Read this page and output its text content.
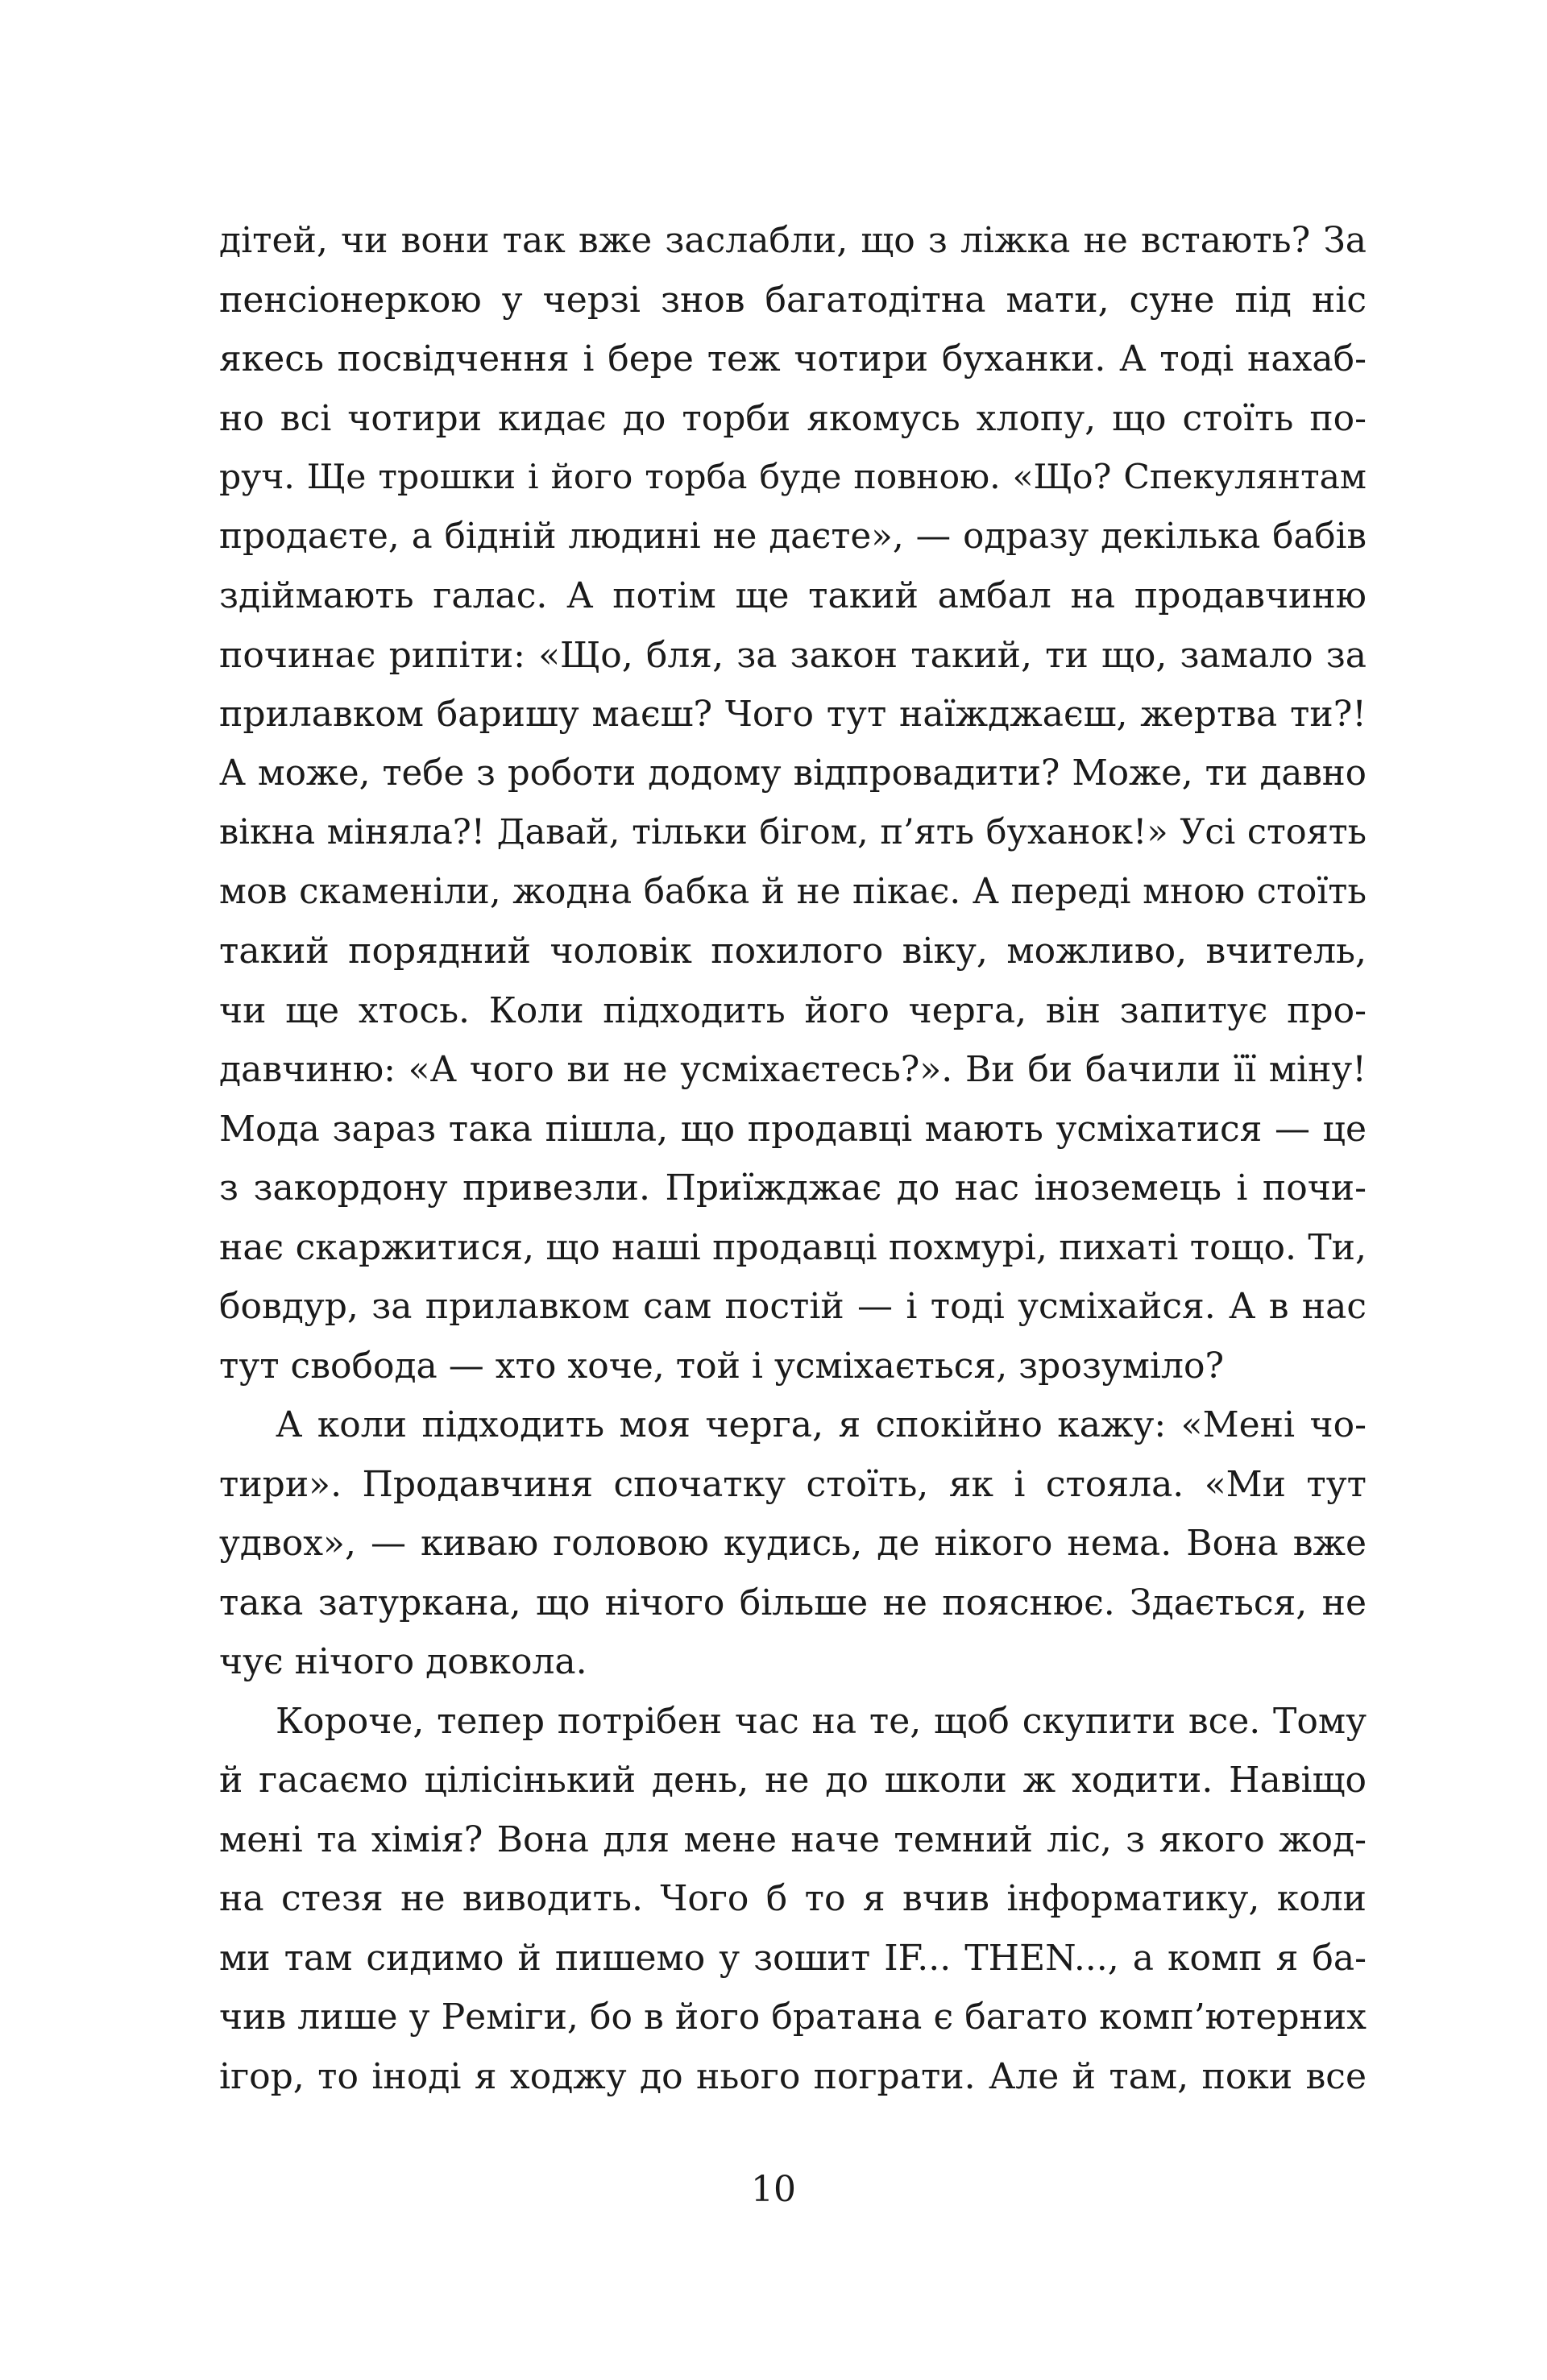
дітей, чи вони так вже заслабли, що з ліжка не встають? За
пенсіонеркою у черзі знов багатодітна мати, суне під ніс
якесь посвідчення і бере теж чотири буханки. А тоді нахаб-
но всі чотири кидає до торби якомусь хлопу, що стоїть по-
руч. Ще трошки і його торба буде повною. «Що? Спекулянтам
продаєте, а бідній людині не даєте», — одразу декілька бабів
здіймають галас. А потім ще такий амбал на продавчиню
починає рипіти: «Що, бля, за закон такий, ти що, замало за
прилавком баришу маєш? Чого тут наїжджаєш, жертва ти?!
А може, тебе з роботи додому відпровадити? Може, ти давно
вікна міняла?! Давай, тільки бігом, п’ять буханок!» Усі стоять
мов скаменіли, жодна бабка й не пікає. А переді мною стоїть
такий порядний чоловік похилого віку, можливо, вчитель,
чи ще хтось. Коли підходить його черга, він запитує про-
давчиню: «А чого ви не усміхаєтесь?». Ви би бачили її міну!
Мода зараз така пішла, що продавці мають усміхатися — це
з закордону привезли. Приїжджає до нас іноземець і почи-
нає скаржитися, що наші продавці похмурі, пихаті тощо. Ти,
бовдур, за прилавком сам постій — і тоді усміхайся. А в нас
тут свобода — хто хоче, той і усміхається, зрозуміло?
А коли підходить моя черга, я спокійно кажу: «Мені чо-
тири». Продавчиня спочатку стоїть, як і стояла. «Ми тут
удвох», — киваю головою кудись, де нікого нема. Вона вже
така затуркана, що нічого більше не пояснює. Здається, не
чує нічого довкола.
Короче, тепер потрібен час на те, щоб скупити все. Тому
й гасаємо цілісінький день, не до школи ж ходити. Навіщо
мені та хімія? Вона для мене наче темний ліс, з якого жод-
на стезя не виводить. Чого б то я вчив інформатику, коли
ми там сидимо й пишемо у зошит IF... THEN..., а комп я ба-
чив лише у Реміги, бо в його братана є багато комп’ютерних
ігор, то іноді я ходжу до нього пограти. Але й там, поки все
10
